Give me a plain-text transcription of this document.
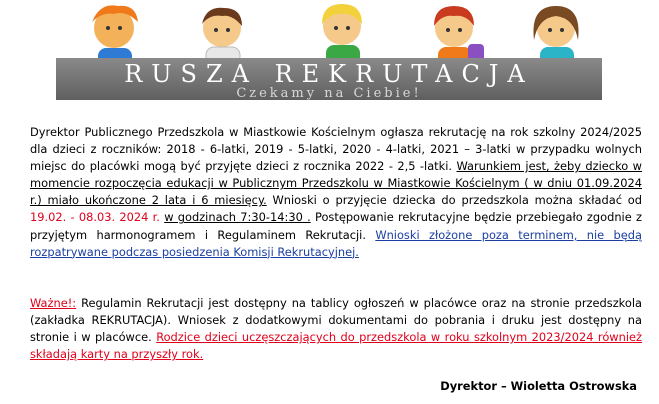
RUSZA REKRUTACJA
Czekamy na Ciebie!

Dyrektor Publicznego Przedszkola w Miastkowie Kościelnym ogłasza rekrutację na rok szkolny 2024/2025 dla dzieci z roczników: 2018 - 6-latki, 2019 - 5-latki, 2020 - 4-latki, 2021 – 3-latki w przypadku wolnych miejsc do placówki mogą być przyjęte dzieci z rocznika 2022 - 2,5 -latki. Warunkiem jest, żeby dziecko w momencie rozpoczęcia edukacji w Publicznym Przedszkolu w Miastkowie Kościelnym ( w dniu 01.09.2024 r.) miało ukończone 2 lata i 6 miesięcy. Wnioski o przyjęcie dziecka do przedszkola można składać od 19.02. - 08.03. 2024 r. w godzinach 7:30-14:30 . Postępowanie rekrutacyjne będzie przebiegało zgodnie z przyjętym harmonogramem i Regulaminem Rekrutacji. Wnioski złożone poza terminem, nie będą rozpatrywane podczas posiedzenia Komisji Rekrutacyjnej.

Ważne!: Regulamin Rekrutacji jest dostępny na tablicy ogłoszeń w placówce oraz na stronie przedszkola (zakładka REKRUTACJA). Wniosek z dodatkowymi dokumentami do pobrania i druku jest dostępny na stronie i w placówce. Rodzice dzieci uczęszczających do przedszkola w roku szkolnym 2023/2024 również składają karty na przyszły rok.

Dyrektor – Wioletta Ostrowska
